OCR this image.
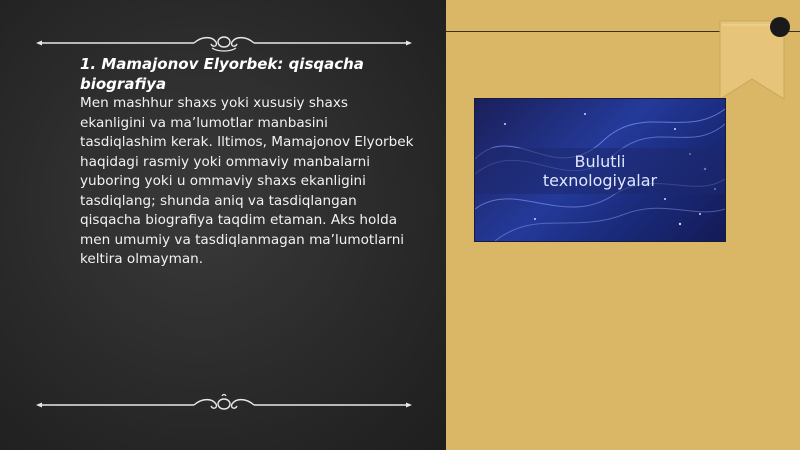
1. Mamajonov Elyorbek: qisqacha biografiya

Men mashhur shaxs yoki xususiy shaxs ekanligini va ma’lumotlar manbasini tasdiqlashim kerak. Iltimos, Mamajonov Elyorbek haqidagi rasmiy yoki ommaviy manbalarni yuboring yoki u ommaviy shaxs ekanligini tasdiqlang; shunda aniq va tasdiqlangan qisqacha biografiya taqdim etaman. Aks holda men umumiy va tasdiqlanmagan ma’lumotlarni keltira olmayman.

Bulutli
texnologiyalar
